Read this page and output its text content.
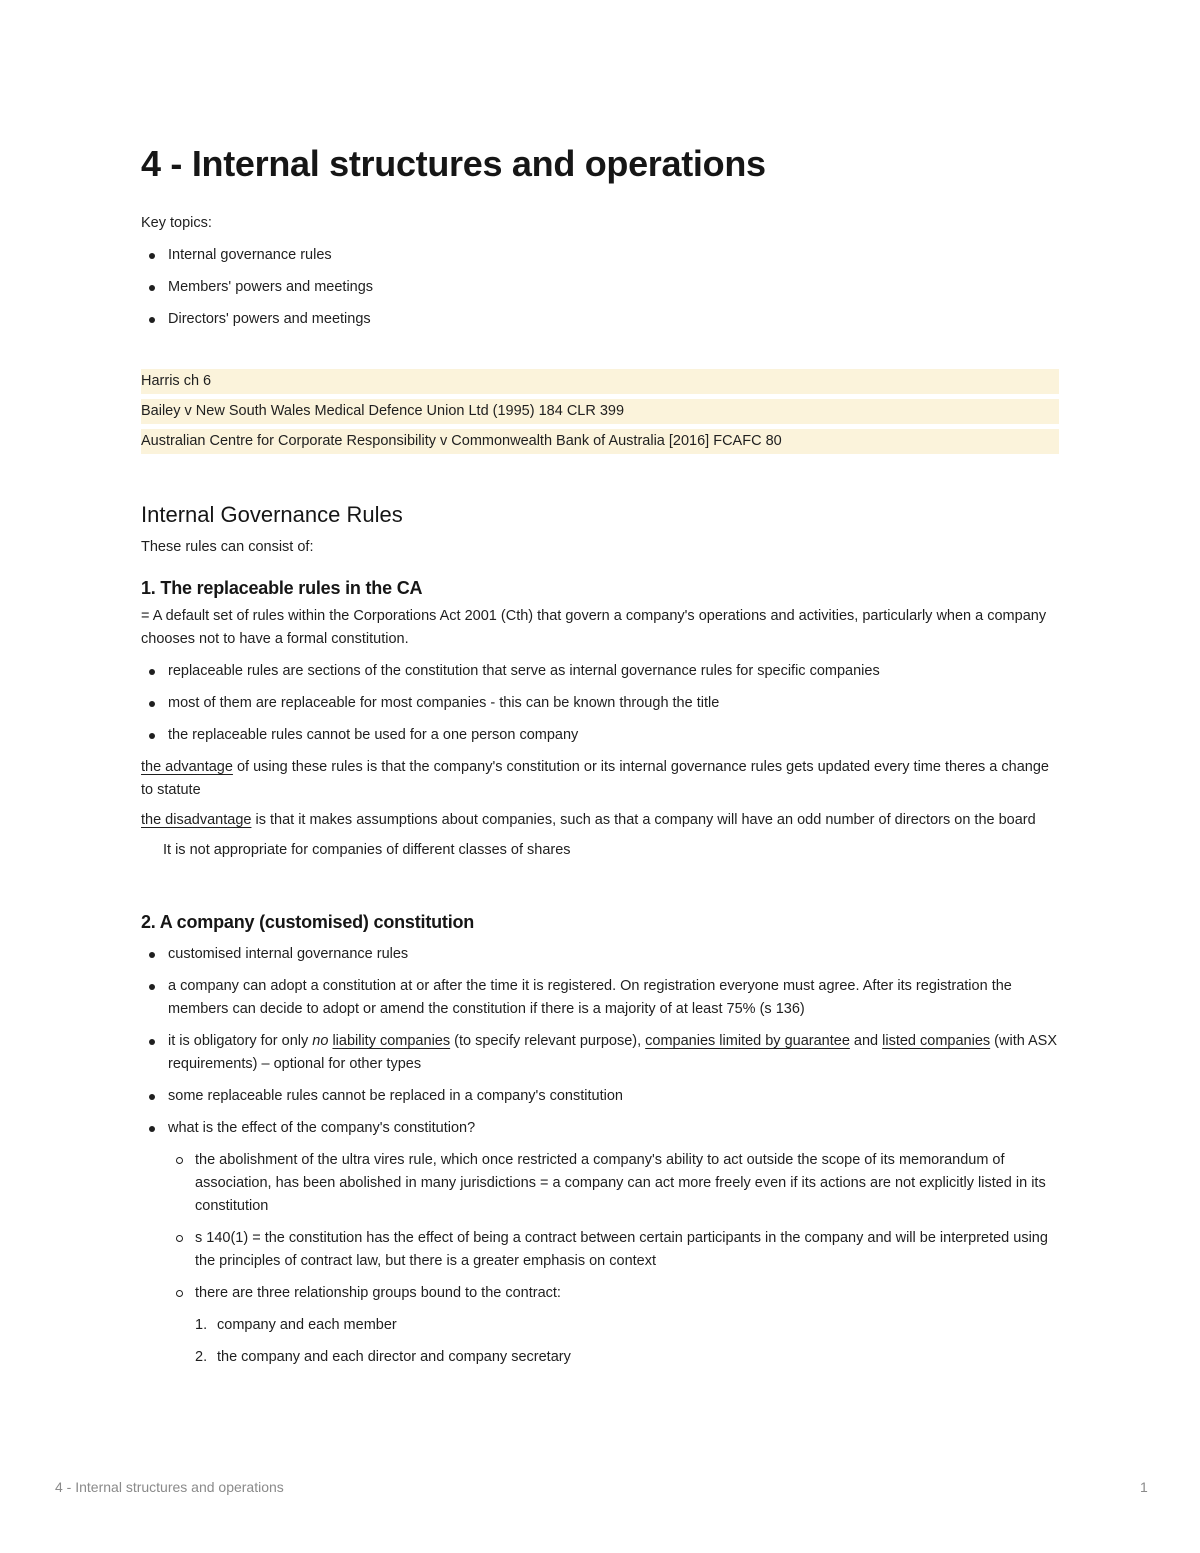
4 - Internal structures and operations

Key topics:

Internal governance rules
Members' powers and meetings
Directors' powers and meetings
Harris ch 6
Bailey v New South Wales Medical Defence Union Ltd (1995) 184 CLR 399
Australian Centre for Corporate Responsibility v Commonwealth Bank of Australia [2016] FCAFC 80
Internal Governance Rules

These rules can consist of:

1. The replaceable rules in the CA

= A default set of rules within the Corporations Act 2001 (Cth) that govern a company's operations and activities, particularly when a company chooses not to have a formal constitution.

replaceable rules are sections of the constitution that serve as internal governance rules for specific companies
most of them are replaceable for most companies - this can be known through the title
the replaceable rules cannot be used for a one person company

the advantage of using these rules is that the company's constitution or its internal governance rules gets updated every time theres a change to statute

the disadvantage is that it makes assumptions about companies, such as that a company will have an odd number of directors on the board

It is not appropriate for companies of different classes of shares

2. A company (customised) constitution
customised internal governance rules
a company can adopt a constitution at or after the time it is registered. On registration everyone must agree. After its registration the members can decide to adopt or amend the constitution if there is a majority of at least 75% (s 136)
it is obligatory for only no liability companies (to specify relevant purpose), companies limited by guarantee and listed companies (with ASX requirements) – optional for other types
some replaceable rules cannot be replaced in a company's constitution
what is the effect of the company's constitution?
the abolishment of the ultra vires rule, which once restricted a company's ability to act outside the scope of its memorandum of association, has been abolished in many jurisdictions = a company can act more freely even if its actions are not explicitly listed in its constitution
s 140(1) = the constitution has the effect of being a contract between certain participants in the company and will be interpreted using the principles of contract law, but there is a greater emphasis on context
there are three relationship groups bound to the contract:
1. company and each member
2. the company and each director and company secretary
4 - Internal structures and operations	1
